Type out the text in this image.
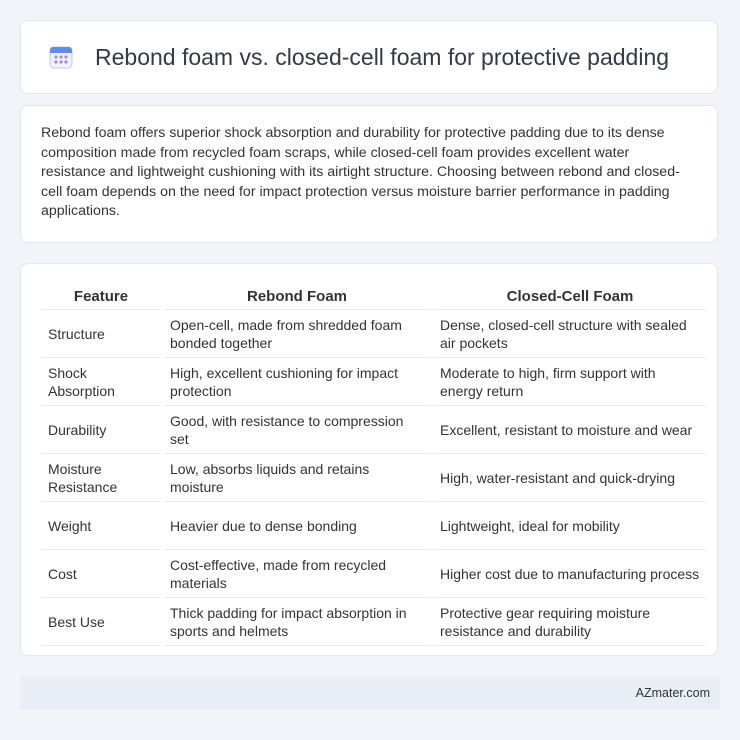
Rebond foam vs. closed-cell foam for protective padding

Rebond foam offers superior shock absorption and durability for protective padding due to its dense composition made from recycled foam scraps, while closed-cell foam provides excellent water resistance and lightweight cushioning with its airtight structure. Choosing between rebond and closed-cell foam depends on the need for impact protection versus moisture barrier performance in padding applications.

Feature	Rebond Foam	Closed-Cell Foam
Structure	Open-cell, made from shredded foam bonded together	Dense, closed-cell structure with sealed air pockets
Shock Absorption	High, excellent cushioning for impact protection	Moderate to high, firm support with energy return
Durability	Good, with resistance to compression set	Excellent, resistant to moisture and wear
Moisture Resistance	Low, absorbs liquids and retains moisture	High, water-resistant and quick-drying
Weight	Heavier due to dense bonding	Lightweight, ideal for mobility
Cost	Cost-effective, made from recycled materials	Higher cost due to manufacturing process
Best Use	Thick padding for impact absorption in sports and helmets	Protective gear requiring moisture resistance and durability
AZmater.com
